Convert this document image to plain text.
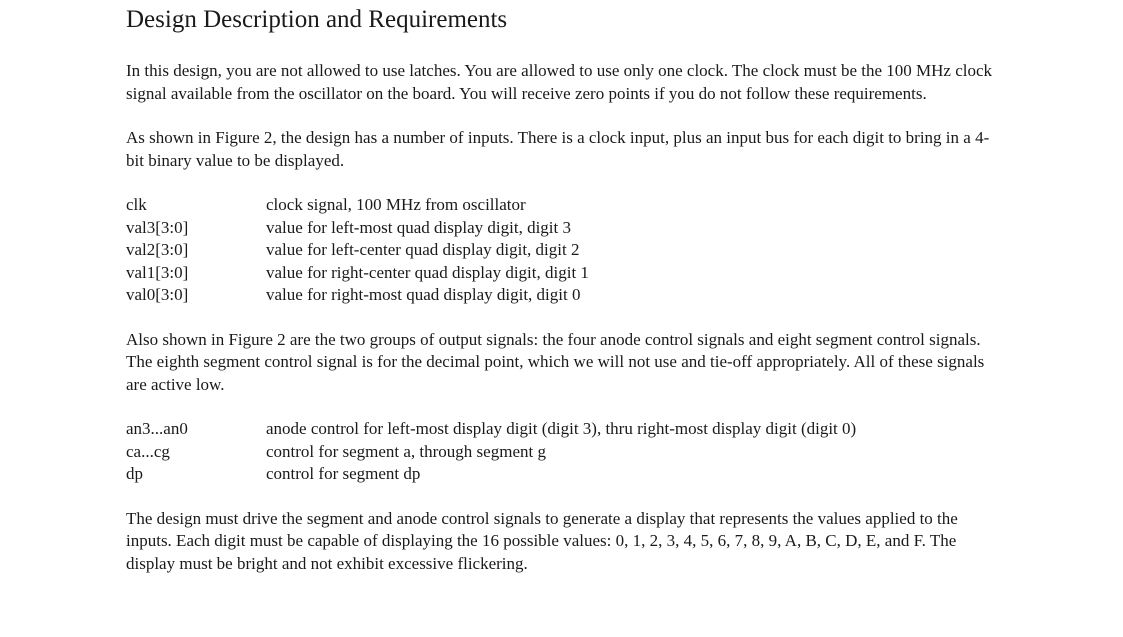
Design Description and Requirements

In this design, you are not allowed to use latches. You are allowed to use only one clock. The clock must be the 100 MHz clock signal available from the oscillator on the board. You will receive zero points if you do not follow these requirements.

As shown in Figure 2, the design has a number of inputs. There is a clock input, plus an input bus for each digit to bring in a 4-bit binary value to be displayed.

clk	clock signal, 100 MHz from oscillator
val3[3:0]	value for left-most quad display digit, digit 3
val2[3:0]	value for left-center quad display digit, digit 2
val1[3:0]	value for right-center quad display digit, digit 1
val0[3:0]	value for right-most quad display digit, digit 0

Also shown in Figure 2 are the two groups of output signals: the four anode control signals and eight segment control signals. The eighth segment control signal is for the decimal point, which we will not use and tie-off appropriately. All of these signals are active low.

an3...an0	anode control for left-most display digit (digit 3), thru right-most display digit (digit 0)
ca...cg	control for segment a, through segment g
dp	control for segment dp

The design must drive the segment and anode control signals to generate a display that represents the values applied to the inputs. Each digit must be capable of displaying the 16 possible values: 0, 1, 2, 3, 4, 5, 6, 7, 8, 9, A, B, C, D, E, and F. The display must be bright and not exhibit excessive flickering.
